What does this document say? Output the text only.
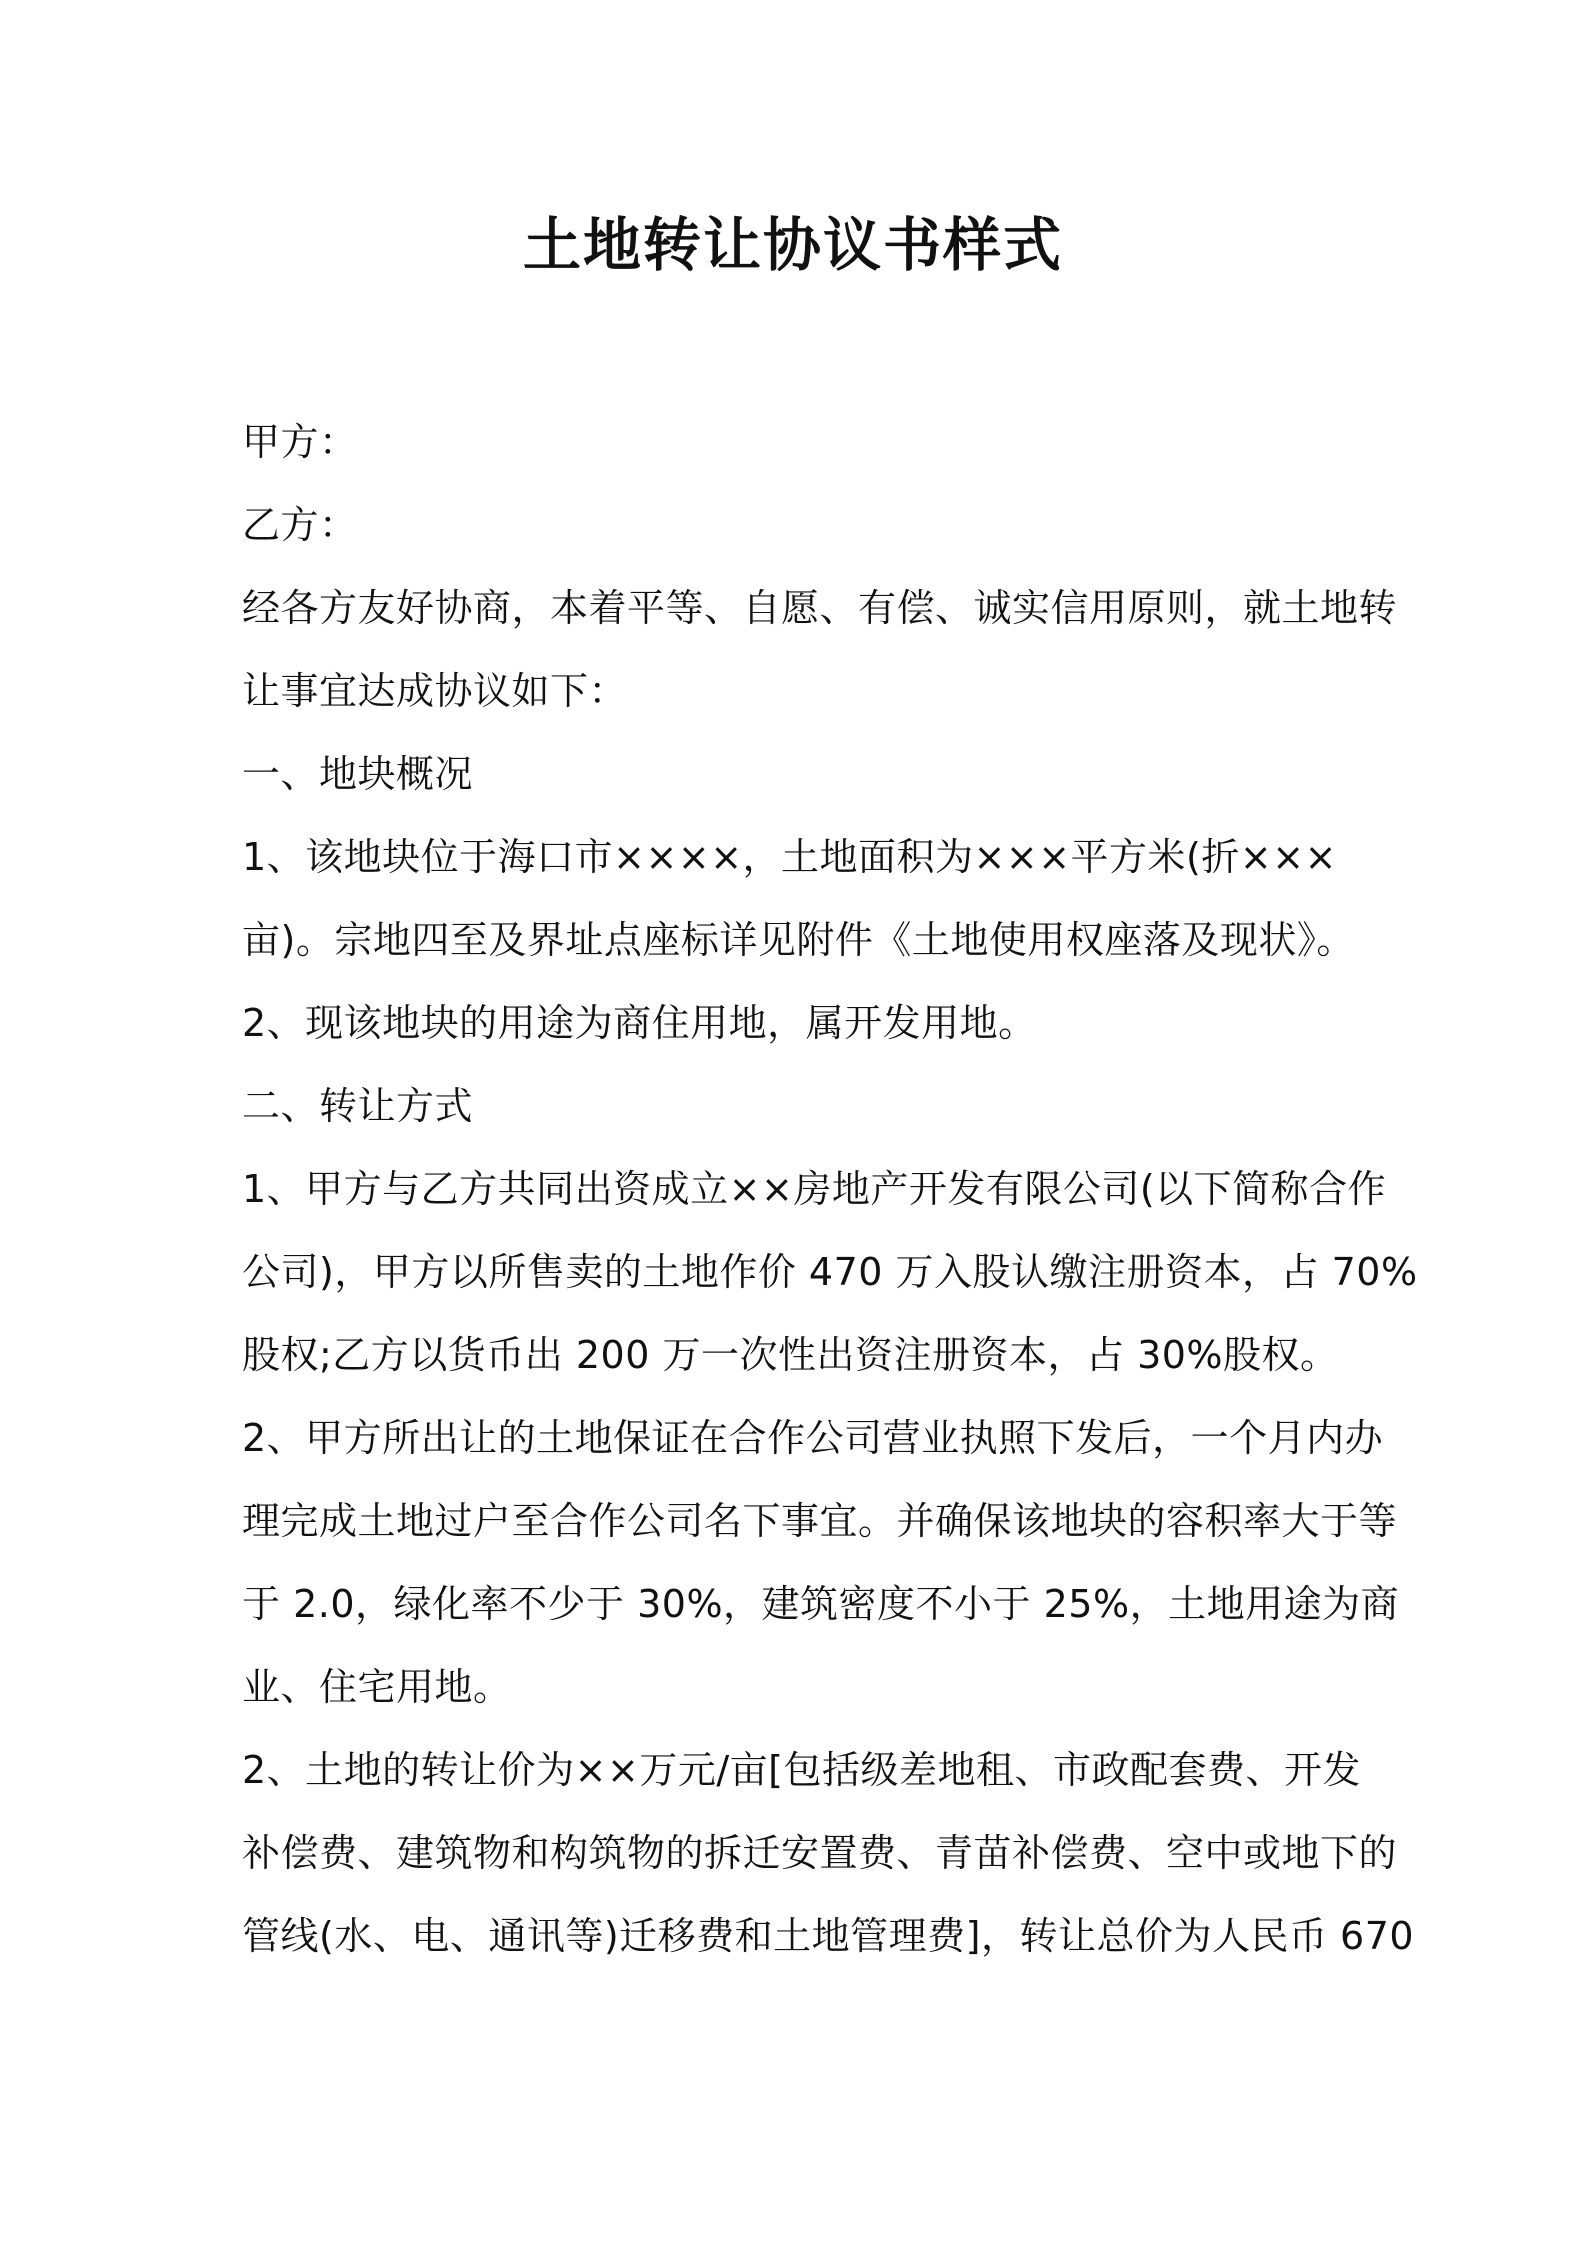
土地转让协议书样式

甲方：

乙方：

经各方友好协商，本着平等、自愿、有偿、诚实信用原则，就土地转

让事宜达成协议如下：

一、地块概况

1、该地块位于海口市××××，土地面积为×××平方米(折×××

亩)。宗地四至及界址点座标详见附件《土地使用权座落及现状》。

2、现该地块的用途为商住用地，属开发用地。

二、转让方式

1、甲方与乙方共同出资成立××房地产开发有限公司(以下简称合作

公司)，甲方以所售卖的土地作价 470 万入股认缴注册资本，占 70%

股权;乙方以货币出 200 万一次性出资注册资本，占 30%股权。

2、甲方所出让的土地保证在合作公司营业执照下发后，一个月内办

理完成土地过户至合作公司名下事宜。并确保该地块的容积率大于等

于 2.0，绿化率不少于 30%，建筑密度不小于 25%，土地用途为商

业、住宅用地。

2、土地的转让价为××万元/亩[包括级差地租、市政配套费、开发

补偿费、建筑物和构筑物的拆迁安置费、青苗补偿费、空中或地下的

管线(水、电、通讯等)迁移费和土地管理费]，转让总价为人民币 670
